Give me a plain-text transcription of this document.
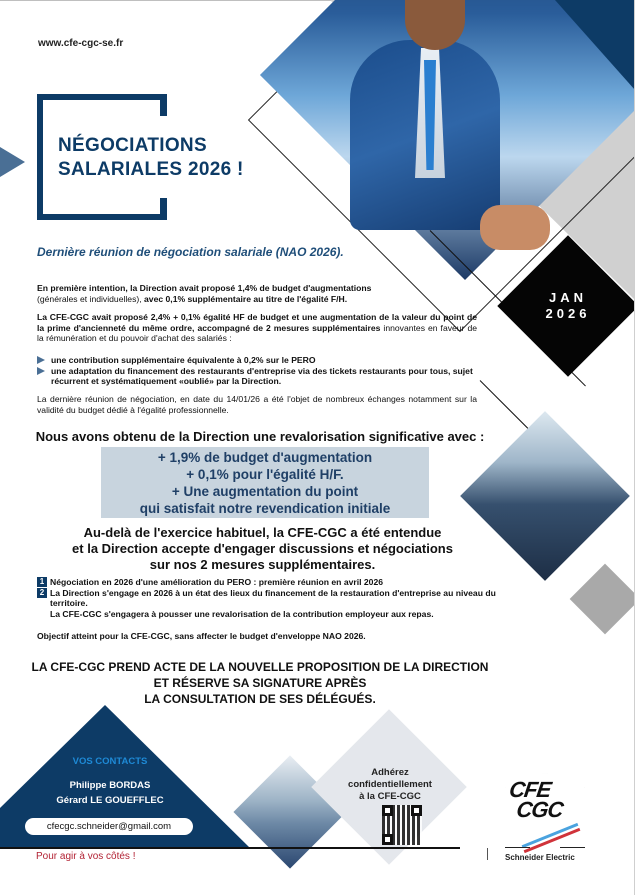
www.cfe-cgc-se.fr
NÉGOCIATIONS
SALARIALES 2026 !
JAN
2026
Dernière réunion de négociation salariale (NAO 2026).
En première intention, la Direction avait proposé 1,4% de budget d'augmentations
(générales et individuelles), avec 0,1% supplémentaire au titre de l'égalité F/H.
La CFE-CGC avait proposé 2,4% + 0,1% égalité HF de budget et une augmentation de la valeur du point de la prime d'ancienneté du même ordre, accompagné de 2 mesures supplémentaires innovantes en faveur de la rémunération et du pouvoir d'achat des salariés :
une contribution supplémentaire équivalente à 0,2% sur le PERO
une adaptation du financement des restaurants d'entreprise via des tickets restaurants pour tous, sujet récurrent et systématiquement «oublié» par la Direction.
La dernière réunion de négociation, en date du 14/01/26 a été l'objet de nombreux échanges notamment sur la validité du budget dédié à l'égalité professionnelle.
Nous avons obtenu de la Direction une revalorisation significative avec :
+ 1,9% de budget d'augmentation
+ 0,1% pour l'égalité H/F.
+ Une augmentation du point
qui satisfait notre revendication initiale
Au-delà de l'exercice habituel, la CFE-CGC a été entendue
et la Direction accepte d'engager discussions et négociations
sur nos 2 mesures supplémentaires.
1 Négociation en 2026 d'une amélioration du PERO : première réunion en avril 2026
2 La Direction s'engage en 2026 à un état des lieux du financement de la restauration d'entreprise au niveau du territoire.
La CFE-CGC s'engagera à pousser une revalorisation de la contribution employeur aux repas.
Objectif atteint pour la CFE-CGC, sans affecter le budget d'enveloppe NAO 2026.
LA CFE-CGC PREND ACTE DE LA NOUVELLE PROPOSITION DE LA DIRECTION
ET RÉSERVE SA SIGNATURE APRÈS
LA CONSULTATION DE SES DÉLÉGUÉS.
VOS CONTACTS
Philippe BORDAS
Gérard LE GOUEFFLEC
cfecgc.schneider@gmail.com
Adhérez
confidentiellement
à la CFE-CGC
Pour agir à vos côtés !
CFE
CGC
Schneider Electric
